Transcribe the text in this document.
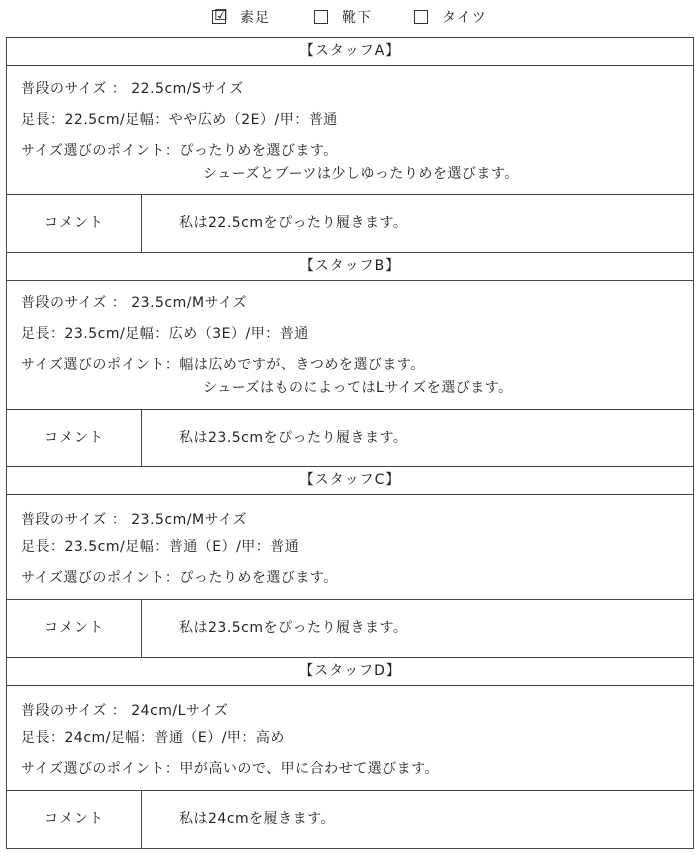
☑ 素足	靴下	タイツ
【スタッフA】
普段のサイズ ： 22.5cm/Sサイズ
足長：22.5cm/足幅：やや広め（2E）/甲：普通
サイズ選びのポイント：ぴったりめを選びます。
シューズとブーツは少しゆったりめを選びます。
コメント	私は22.5cmをぴったり履きます。
【スタッフB】
普段のサイズ ： 23.5cm/Mサイズ
足長：23.5cm/足幅：広め（3E）/甲：普通
サイズ選びのポイント：幅は広めですが、きつめを選びます。
シューズはものによってはLサイズを選びます。
コメント	私は23.5cmをぴったり履きます。
【スタッフC】
普段のサイズ ： 23.5cm/Mサイズ
足長：23.5cm/足幅：普通（E）/甲：普通
サイズ選びのポイント：ぴったりめを選びます。
コメント	私は23.5cmをぴったり履きます。
【スタッフD】
普段のサイズ ： 24cm/Lサイズ
足長：24cm/足幅：普通（E）/甲：高め
サイズ選びのポイント：甲が高いので、甲に合わせて選びます。
コメント	私は24cmを履きます。
